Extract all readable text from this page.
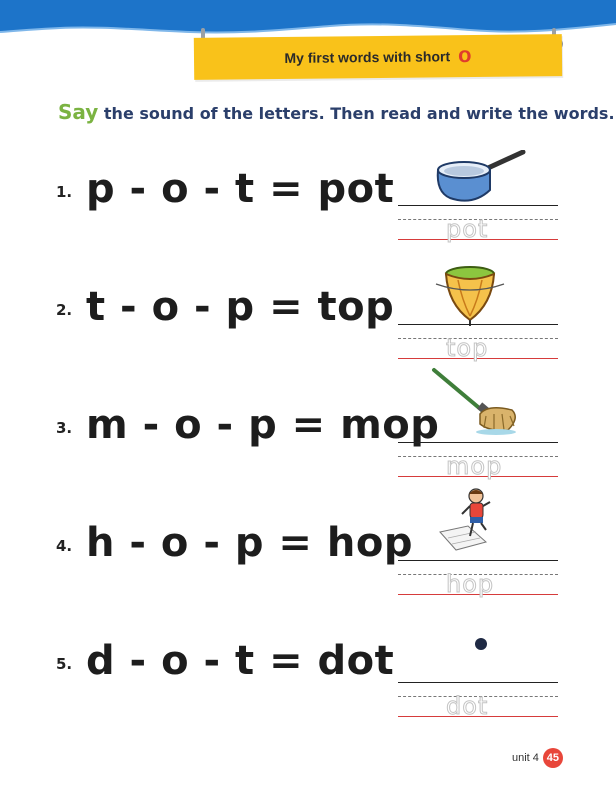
My first words with short o
Say the sound of the letters. Then read and write the words.
1. p - o - t = pot
pot
2. t - o - p = top
top
3. m - o - p = mop
mop
4. h - o - p = hop
hop
5. d - o - t = dot
dot
unit 4 45
